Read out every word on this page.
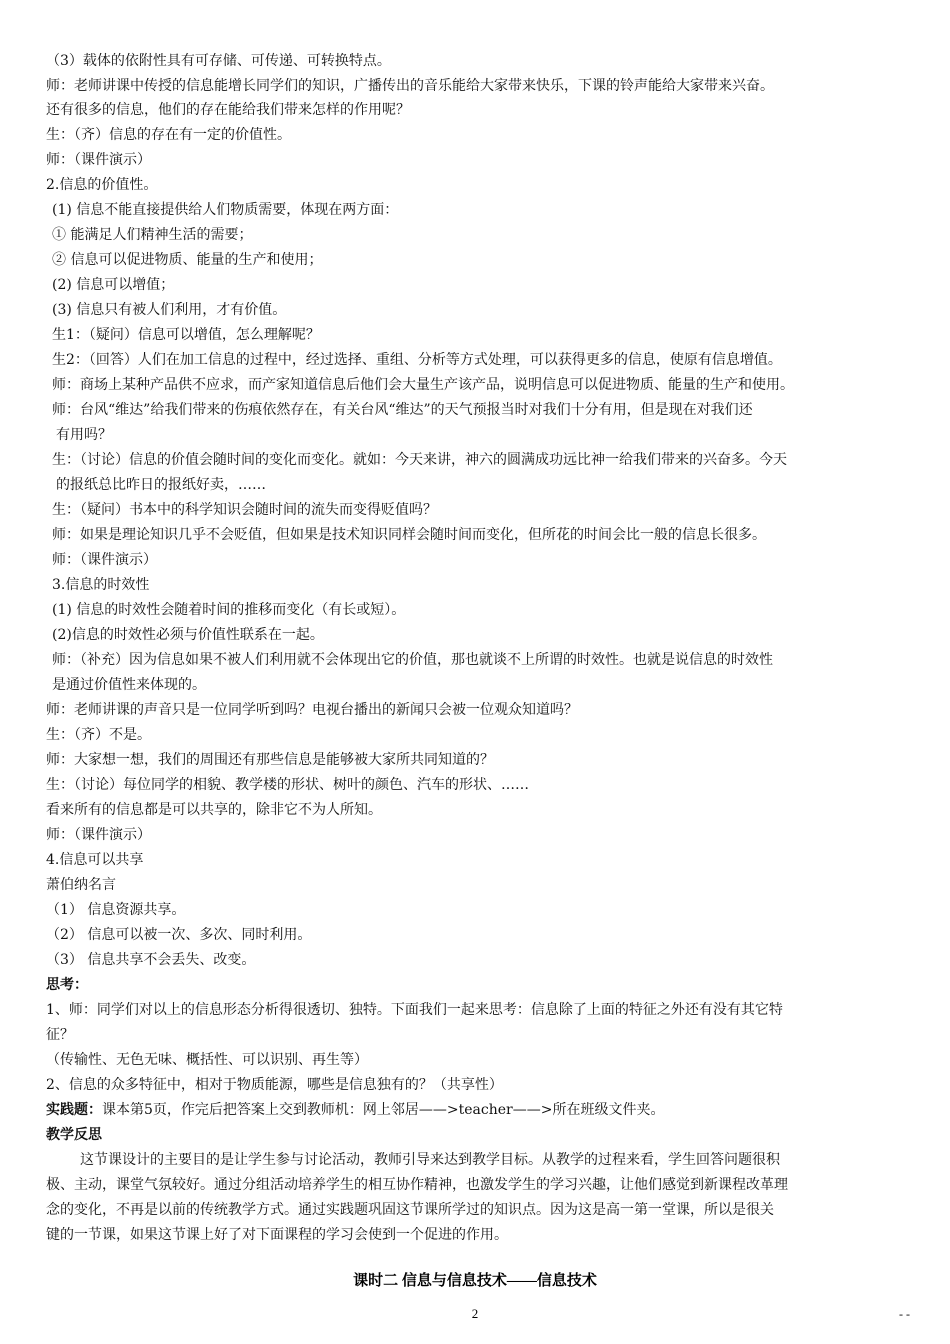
（3）载体的依附性具有可存储、可传递、可转换特点。
师：老师讲课中传授的信息能增长同学们的知识，广播传出的音乐能给大家带来快乐，下课的铃声能给大家带来兴奋。
还有很多的信息，他们的存在能给我们带来怎样的作用呢？
生：（齐）信息的存在有一定的价值性。
师：（课件演示）
2.信息的价值性。
(1) 信息不能直接提供给人们物质需要，体现在两方面：
① 能满足人们精神生活的需要；
② 信息可以促进物质、能量的生产和使用；
(2) 信息可以增值；
(3) 信息只有被人们利用，才有价值。
生1：（疑问）信息可以增值，怎么理解呢？
生2：（回答）人们在加工信息的过程中，经过选择、重组、分析等方式处理，可以获得更多的信息，使原有信息增值。
师：商场上某种产品供不应求，而产家知道信息后他们会大量生产该产品，说明信息可以促进物质、能量的生产和使用。
师：台风“维达”给我们带来的伤痕依然存在，有关台风“维达”的天气预报当时对我们十分有用，但是现在对我们还
有用吗？
生：（讨论）信息的价值会随时间的变化而变化。就如：今天来讲，神六的圆满成功远比神一给我们带来的兴奋多。今天
的报纸总比昨日的报纸好卖，……
生：（疑问）书本中的科学知识会随时间的流失而变得贬值吗？
师：如果是理论知识几乎不会贬值，但如果是技术知识同样会随时间而变化，但所花的时间会比一般的信息长很多。
师：（课件演示）
3.信息的时效性
(1) 信息的时效性会随着时间的推移而变化（有长或短）。
(2)信息的时效性必须与价值性联系在一起。
师：（补充）因为信息如果不被人们利用就不会体现出它的价值，那也就谈不上所谓的时效性。也就是说信息的时效性
是通过价值性来体现的。
师：老师讲课的声音只是一位同学听到吗？电视台播出的新闻只会被一位观众知道吗？
生：（齐）不是。
师：大家想一想，我们的周围还有那些信息是能够被大家所共同知道的？
生：（讨论）每位同学的相貌、教学楼的形状、树叶的颜色、汽车的形状、……
看来所有的信息都是可以共享的，除非它不为人所知。
师：（课件演示）
4.信息可以共享
萧伯纳名言
（1） 信息资源共享。
（2） 信息可以被一次、多次、同时利用。
（3） 信息共享不会丢失、改变。
思考：
1、师：同学们对以上的信息形态分析得很透切、独特。下面我们一起来思考：信息除了上面的特征之外还有没有其它特
征？
（传输性、无色无味、概括性、可以识别、再生等）
2、信息的众多特征中，相对于物质能源，哪些是信息独有的？（共享性）
实践题：课本第5页，作完后把答案上交到教师机：网上邻居——>teacher——>所在班级文件夹。
教学反思
这节课设计的主要目的是让学生参与讨论活动，教师引导来达到教学目标。从教学的过程来看，学生回答问题很积
极、主动，课堂气氛较好。通过分组活动培养学生的相互协作精神，也激发学生的学习兴趣，让他们感觉到新课程改革理
念的变化，不再是以前的传统教学方式。通过实践题巩固这节课所学过的知识点。因为这是高一第一堂课，所以是很关
键的一节课，如果这节课上好了对下面课程的学习会使到一个促进的作用。
课时二 信息与信息技术——信息技术
2	- -
